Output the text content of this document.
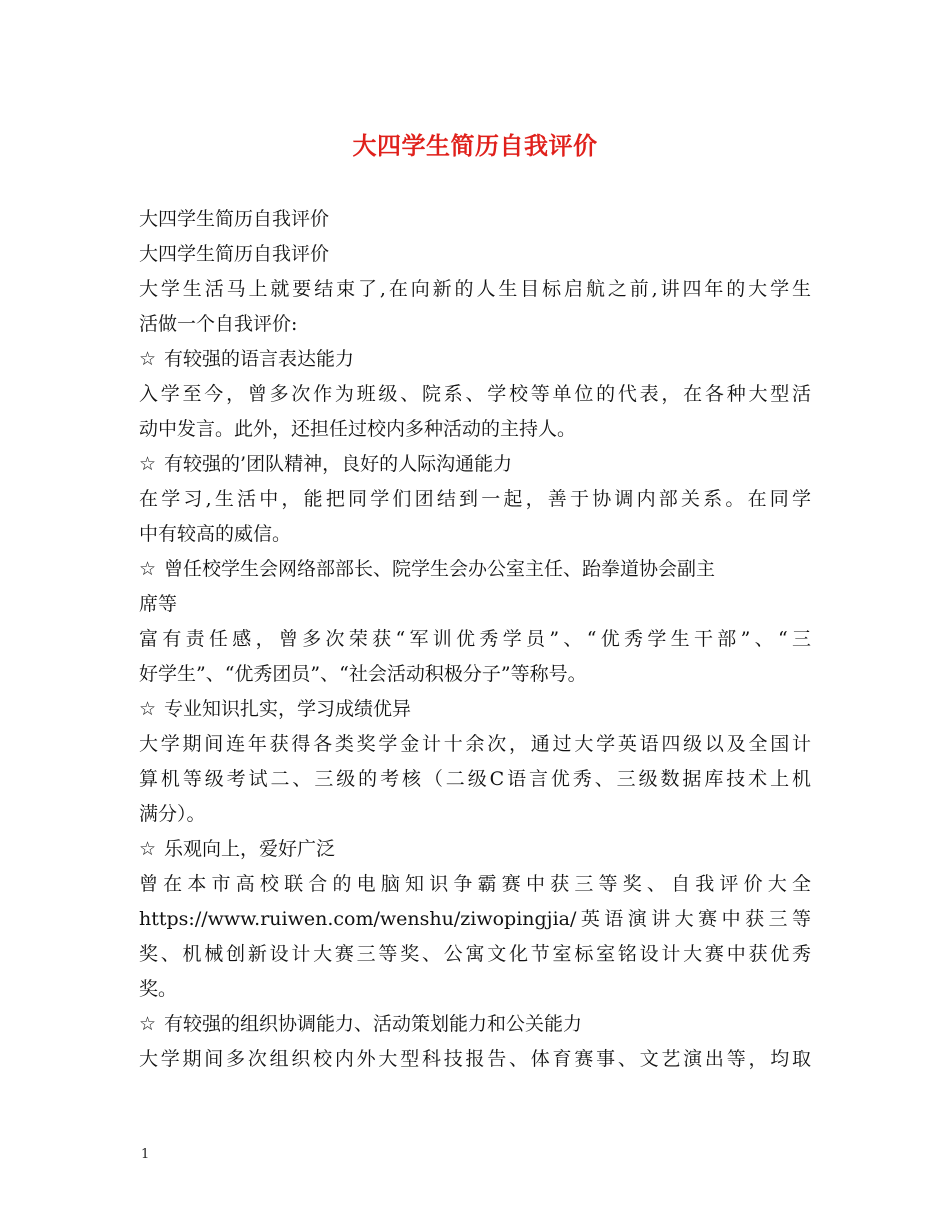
大四学生简历自我评价
大四学生简历自我评价
大四学生简历自我评价
大学生活马上就要结束了,在向新的人生目标启航之前,讲四年的大学生
活做一个自我评价:
☆ 有较强的语言表达能力
入学至今，曾多次作为班级、院系、学校等单位的代表，在各种大型活
动中发言。此外，还担任过校内多种活动的主持人。
☆ 有较强的’团队精神，良好的人际沟通能力
在学习,生活中，能把同学们团结到一起，善于协调内部关系。在同学
中有较高的威信。
☆ 曾任校学生会网络部部长、院学生会办公室主任、跆拳道协会副主
席等
富有责任感，曾多次荣获“军训优秀学员”、“优秀学生干部”、“三
好学生”、“优秀团员”、“社会活动积极分子”等称号。
☆ 专业知识扎实，学习成绩优异
大学期间连年获得各类奖学金计十余次，通过大学英语四级以及全国计
算机等级考试二、三级的考核（二级C语言优秀、三级数据库技术上机
满分）。
☆ 乐观向上，爱好广泛
曾在本市高校联合的电脑知识争霸赛中获三等奖、自我评价大全
https://www.ruiwen.com/wenshu/ziwopingjia/英语演讲大赛中获三等
奖、机械创新设计大赛三等奖、公寓文化节室标室铭设计大赛中获优秀
奖。
☆ 有较强的组织协调能力、活动策划能力和公关能力
大学期间多次组织校内外大型科技报告、体育赛事、文艺演出等，均取
1
